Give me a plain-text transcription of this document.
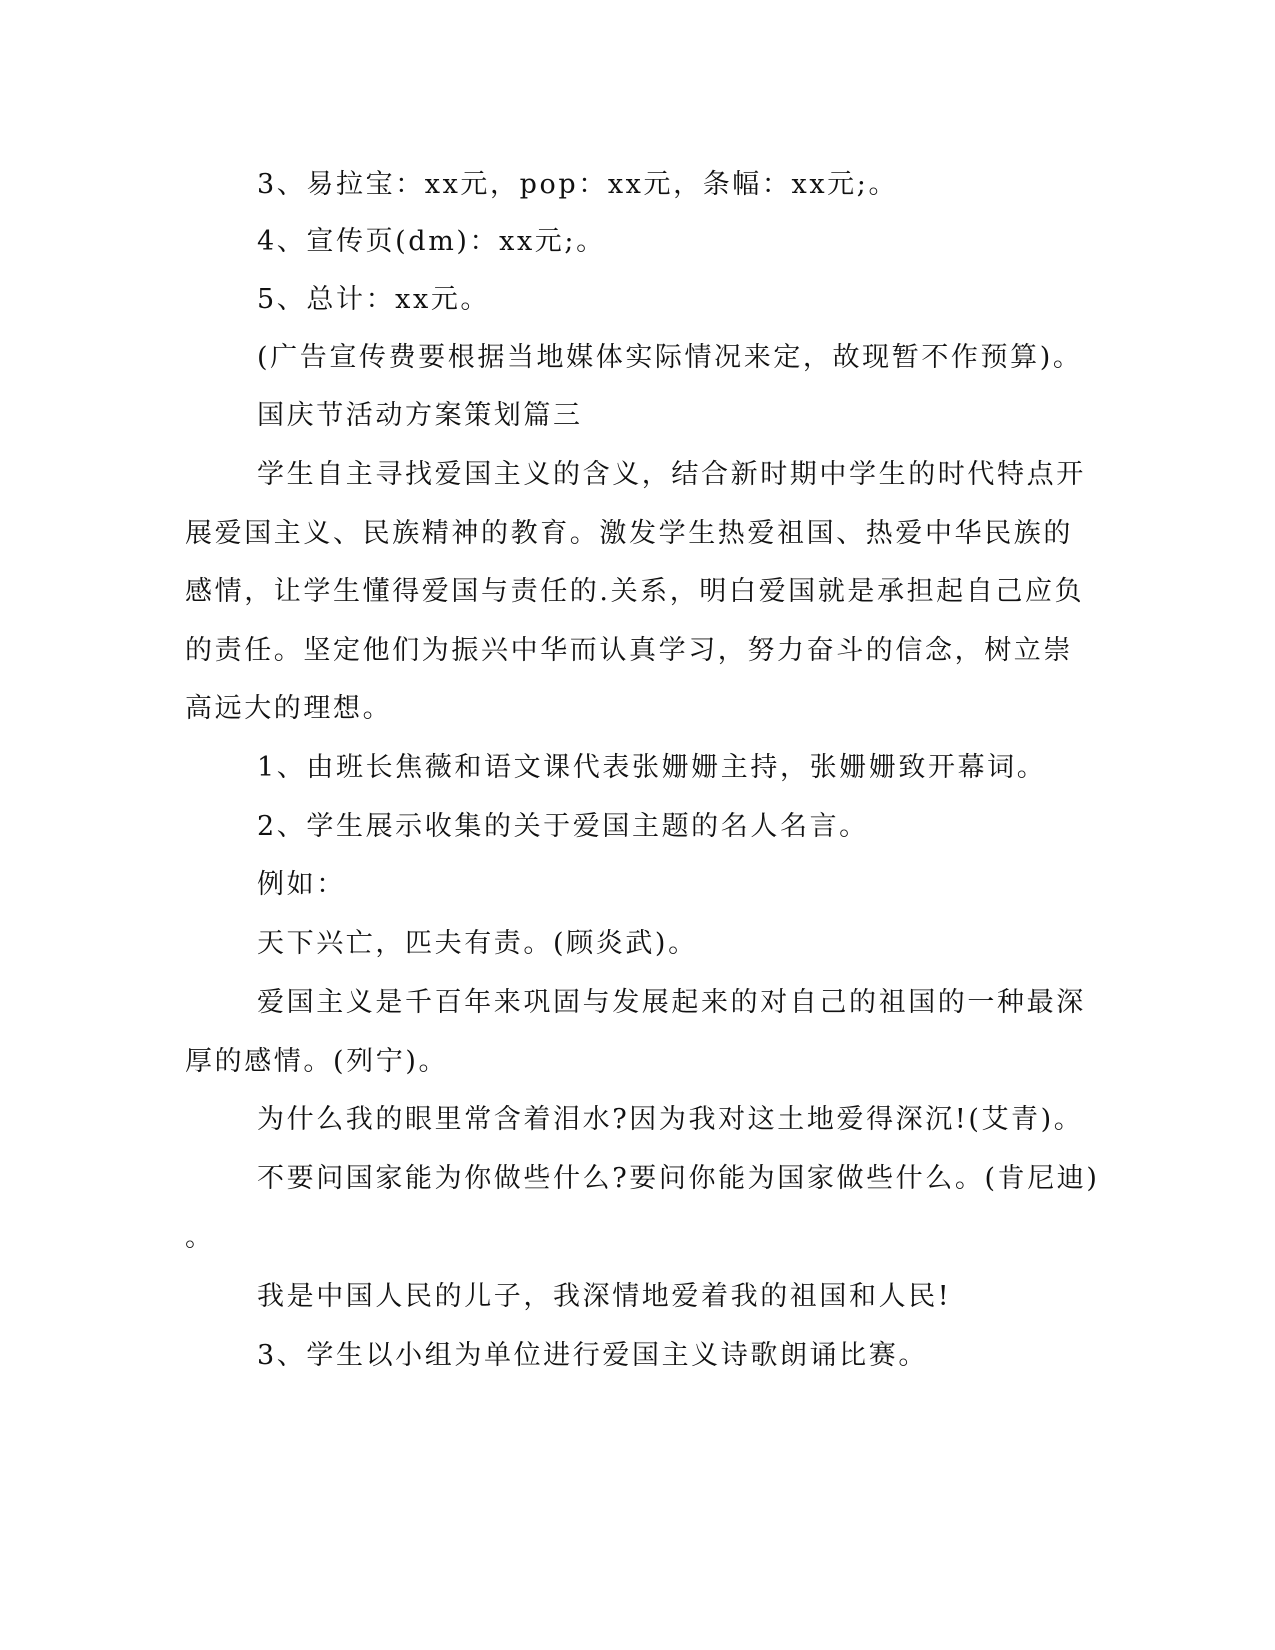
3、易拉宝：xx元，pop：xx元，条幅：xx元;。
4、宣传页(dm)：xx元;。
5、总计：xx元。
(广告宣传费要根据当地媒体实际情况来定，故现暂不作预算)。
国庆节活动方案策划篇三
学生自主寻找爱国主义的含义，结合新时期中学生的时代特点开
展爱国主义、民族精神的教育。激发学生热爱祖国、热爱中华民族的
感情，让学生懂得爱国与责任的.关系，明白爱国就是承担起自己应负
的责任。坚定他们为振兴中华而认真学习，努力奋斗的信念，树立崇
高远大的理想。
1、由班长焦薇和语文课代表张姗姗主持，张姗姗致开幕词。
2、学生展示收集的关于爱国主题的名人名言。
例如：
天下兴亡，匹夫有责。(顾炎武)。
爱国主义是千百年来巩固与发展起来的对自己的祖国的一种最深
厚的感情。(列宁)。
为什么我的眼里常含着泪水?因为我对这土地爱得深沉!(艾青)。
不要问国家能为你做些什么?要问你能为国家做些什么。(肯尼迪)
。
我是中国人民的儿子，我深情地爱着我的祖国和人民!
3、学生以小组为单位进行爱国主义诗歌朗诵比赛。
